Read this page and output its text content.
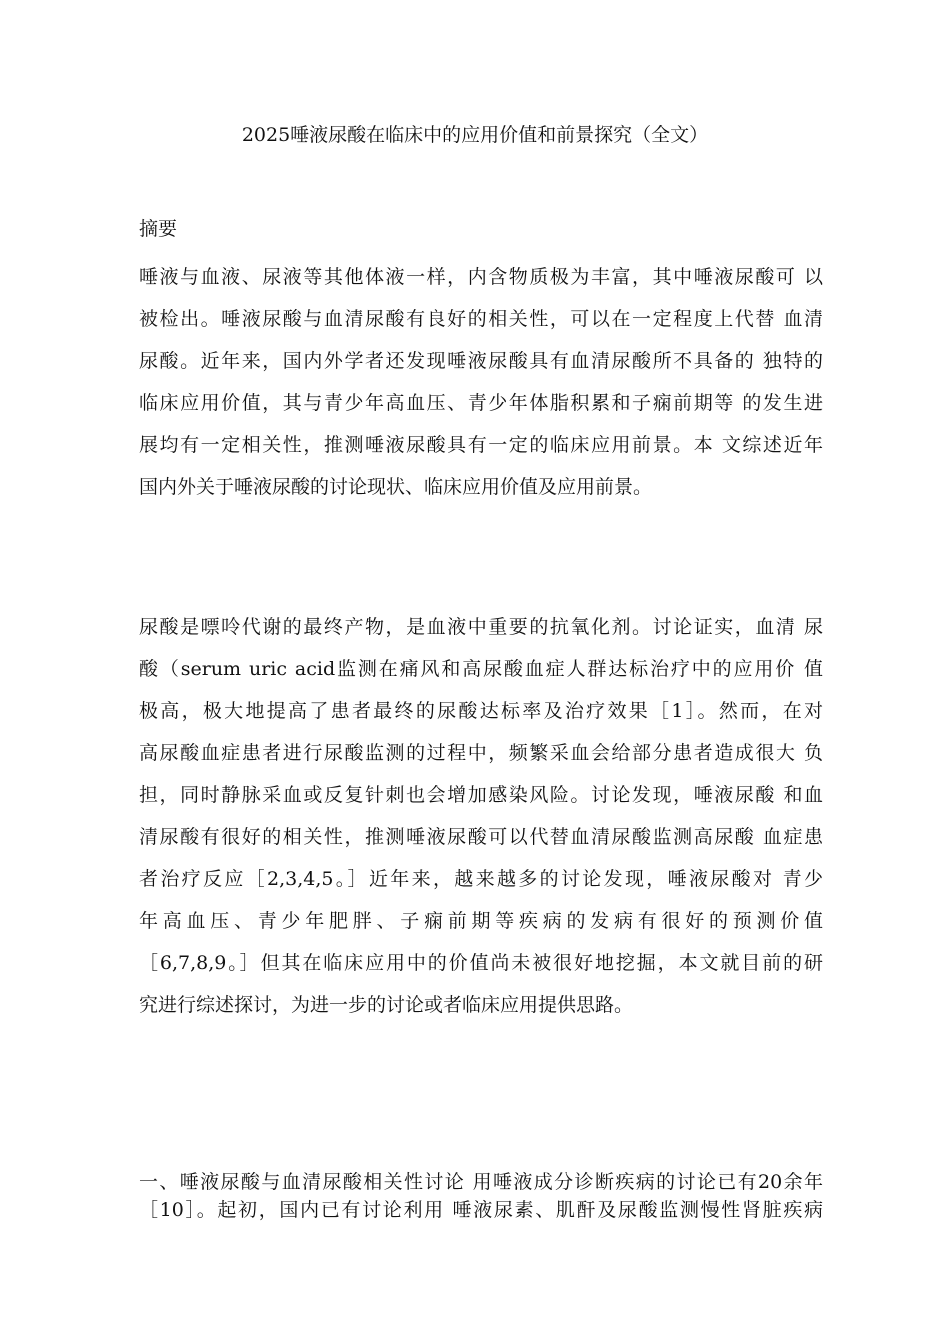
2025唾液尿酸在临床中的应用价值和前景探究（全文）
摘要
唾液与血液、尿液等其他体液一样，内含物质极为丰富，其中唾液尿酸可 以
被检出。唾液尿酸与血清尿酸有良好的相关性，可以在一定程度上代替 血清
尿酸。近年来，国内外学者还发现唾液尿酸具有血清尿酸所不具备的 独特的
临床应用价值，其与青少年高血压、青少年体脂积累和子痫前期等 的发生进
展均有一定相关性，推测唾液尿酸具有一定的临床应用前景。本 文综述近年
国内外关于唾液尿酸的讨论现状、临床应用价值及应用前景。
尿酸是嘌呤代谢的最终产物，是血液中重要的抗氧化剂。讨论证实，血清 尿
酸（serum uric acid监测在痛风和高尿酸血症人群达标治疗中的应用价 值
极高，极大地提高了患者最终的尿酸达标率及治疗效果［1］。然而，在对
高尿酸血症患者进行尿酸监测的过程中，频繁采血会给部分患者造成很大 负
担，同时静脉采血或反复针刺也会增加感染风险。讨论发现，唾液尿酸 和血
清尿酸有很好的相关性，推测唾液尿酸可以代替血清尿酸监测高尿酸 血症患
者治疗反应［2,3,4,5。］近年来，越来越多的讨论发现，唾液尿酸对 青少
年高血压、青少年肥胖、子痫前期等疾病的发病有很好的预测价值
［6,7,8,9。］但其在临床应用中的价值尚未被很好地挖掘，本文就目前的研
究进行综述探讨，为进一步的讨论或者临床应用提供思路。
一、唾液尿酸与血清尿酸相关性讨论 用唾液成分诊断疾病的讨论已有20余年
［10］。起初，国内已有讨论利用 唾液尿素、肌酐及尿酸监测慢性肾脏疾病
